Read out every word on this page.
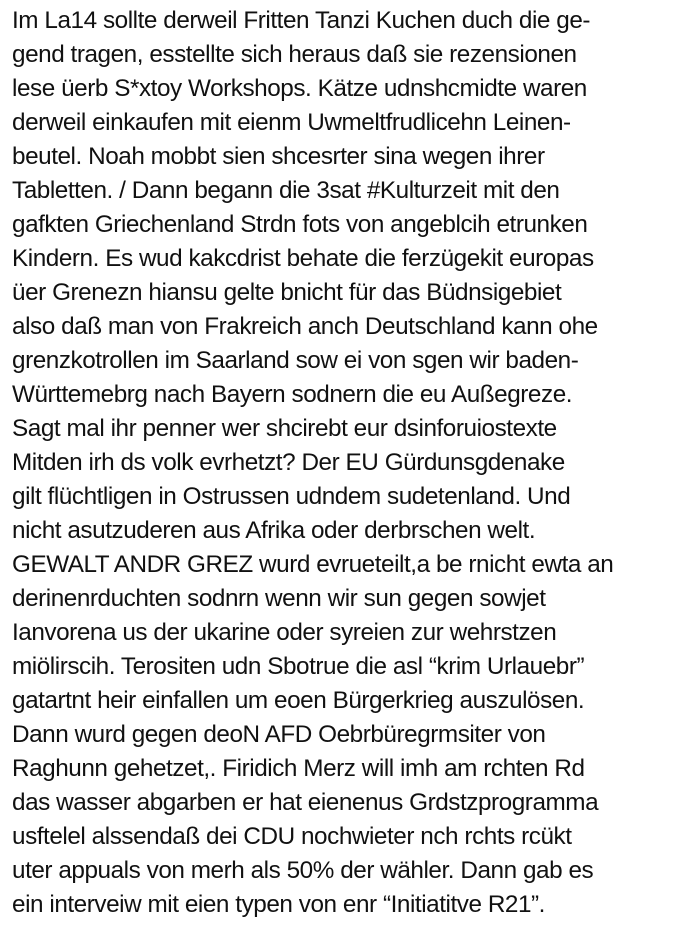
Im La14 sollte derweil Fritten Tanzi Kuchen duch die ge-
gend tragen, esstellte sich heraus daß sie rezensionen
lese üerb S*xtoy Workshops. Kätze udnshcmidte waren
derweil einkaufen mit eienm Uwmeltfrudlicehn Leinen-
beutel. Noah mobbt sien shcesrter sina wegen ihrer
Tabletten. / Dann begann die 3sat #Kulturzeit mit den
gafkten Griechenland Strdn fots von angeblcih etrunken
Kindern. Es wud kakcdrist behate die ferzügekit europas
üer Grenezn hiansu gelte bnicht für das Büdnsigebiet
also daß man von Frakreich anch Deutschland kann ohe
grenzkotrollen im Saarland sow ei von sgen wir baden-
Württemebrg nach Bayern sodnern die eu Außegreze.
Sagt mal ihr penner wer shcirebt eur dsinforuiostexte
Mitden irh ds volk evrhetzt? Der EU Gürdunsgdenake
gilt flüchtligen in Ostrussen udndem sudetenland. Und
nicht asutzuderen aus Afrika oder derbrschen welt.
GEWALT ANDR GREZ wurd evrueteilt,a be rnicht ewta an
derinenrduchten sodnrn wenn wir sun gegen sowjet
Ianvorena us der ukarine oder syreien zur wehrstzen
miölirscih. Terositen udn Sbotrue die asl “krim Urlauebr”
gatartnt heir einfallen um eoen Bürgerkrieg auszulösen.
Dann wurd gegen deoN AFD Oebrbüregrmsiter von
Raghunn gehetzet,. Firidich Merz will imh am rchten Rd
das wasser abgarben er hat eienenus Grdstzprogramma
usftelel alssendaß dei CDU nochwieter nch rchts rcükt
uter appuals von merh als 50% der wähler. Dann gab es
ein interveiw mit eien typen von enr “Initiatitve R21”.
